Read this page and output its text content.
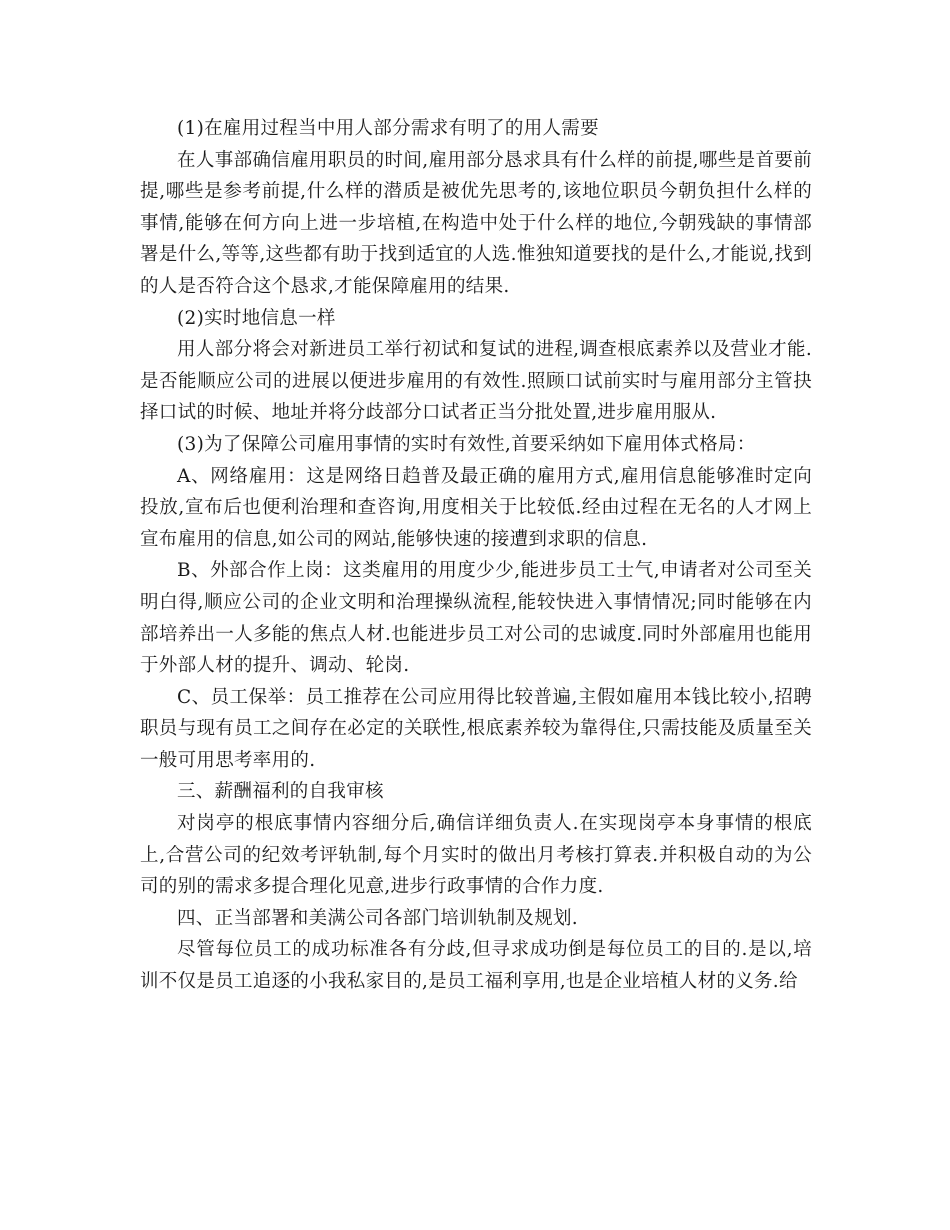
(1)在雇用过程当中用人部分需求有明了的用人需要

在人事部确信雇用职员的时间,雇用部分恳求具有什么样的前提,哪些是首要前提,哪些是参考前提,什么样的潜质是被优先思考的,该地位职员今朝负担什么样的事情,能够在何方向上进一步培植,在构造中处于什么样的地位,今朝残缺的事情部署是什么,等等,这些都有助于找到适宜的人选.惟独知道要找的是什么,才能说,找到的人是否符合这个恳求,才能保障雇用的结果.

(2)实时地信息一样

用人部分将会对新进员工举行初试和复试的进程,调查根底素养以及营业才能.是否能顺应公司的进展以便进步雇用的有效性.照顾口试前实时与雇用部分主管抉择口试的时候、地址并将分歧部分口试者正当分批处置,进步雇用服从.

(3)为了保障公司雇用事情的实时有效性,首要采纳如下雇用体式格局：

A、网络雇用：这是网络日趋普及最正确的雇用方式,雇用信息能够准时定向投放,宣布后也便利治理和查咨询,用度相关于比较低.经由过程在无名的人才网上宣布雇用的信息,如公司的网站,能够快速的接遭到求职的信息.

B、外部合作上岗：这类雇用的用度少少,能进步员工士气,申请者对公司至关明白得,顺应公司的企业文明和治理操纵流程,能较快进入事情情况;同时能够在内部培养出一人多能的焦点人材.也能进步员工对公司的忠诚度.同时外部雇用也能用于外部人材的提升、调动、轮岗.

C、员工保举：员工推荐在公司应用得比较普遍,主假如雇用本钱比较小,招聘职员与现有员工之间存在必定的关联性,根底素养较为靠得住,只需技能及质量至关一般可用思考率用的.

三、薪酬福利的自我审核

对岗亭的根底事情内容细分后,确信详细负责人.在实现岗亭本身事情的根底上,合营公司的纪效考评轨制,每个月实时的做出月考核打算表.并积极自动的为公司的别的需求多提合理化见意,进步行政事情的合作力度.

四、正当部署和美满公司各部门培训轨制及规划.

尽管每位员工的成功标准各有分歧,但寻求成功倒是每位员工的目的.是以,培训不仅是员工追逐的小我私家目的,是员工福利享用,也是企业培植人材的义务.给
